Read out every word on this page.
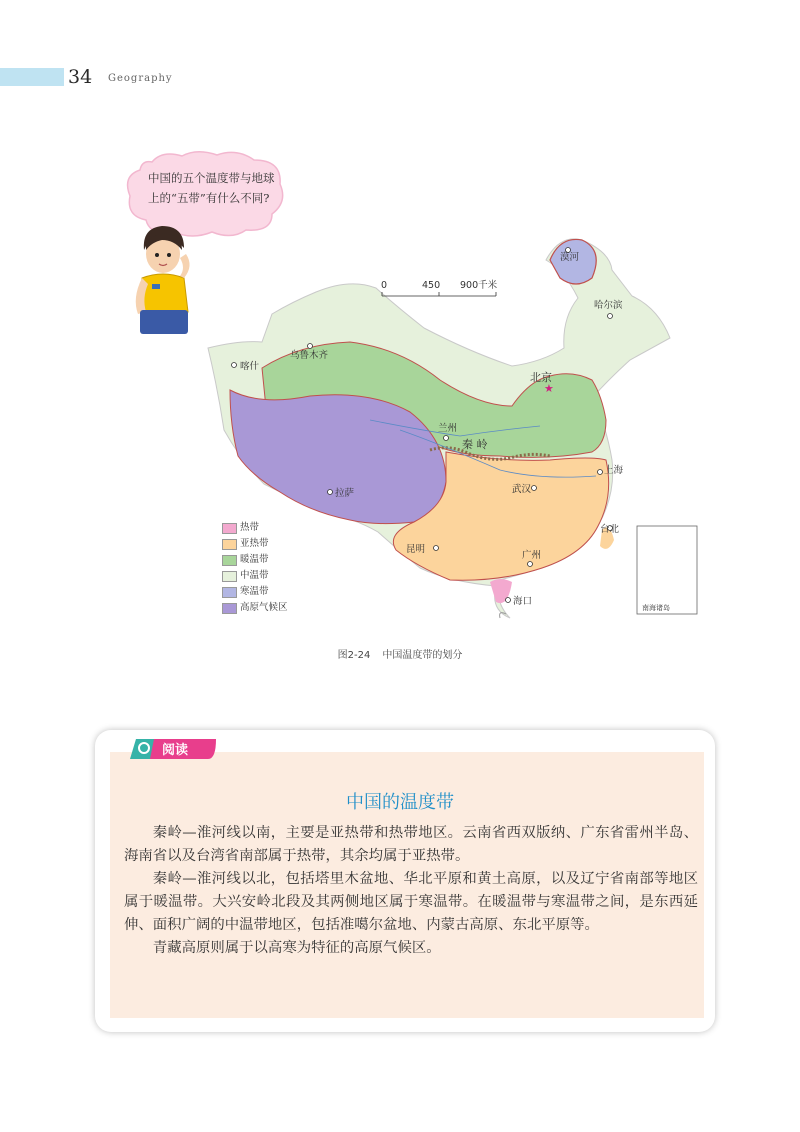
34 Geography
中国的五个温度带与地球上的“五带”有什么不同?
★
0	450 900千米
漠河
哈尔滨
乌鲁木齐
喀什
北京
兰州
秦 岭
上海
拉萨	武汉
台北
昆明
广州
海口
南海诸岛
热带
亚热带
暖温带
中温带
寒温带
高原气候区
图2-24 中国温度带的划分
阅读
中国的温度带

秦岭—淮河线以南，主要是亚热带和热带地区。云南省西双版纳、广东省雷州半岛、海南省以及台湾省南部属于热带，其余均属于亚热带。

秦岭—淮河线以北，包括塔里木盆地、华北平原和黄土高原，以及辽宁省南部等地区属于暖温带。大兴安岭北段及其两侧地区属于寒温带。在暖温带与寒温带之间，是东西延伸、面积广阔的中温带地区，包括准噶尔盆地、内蒙古高原、东北平原等。

青藏高原则属于以高寒为特征的高原气候区。
